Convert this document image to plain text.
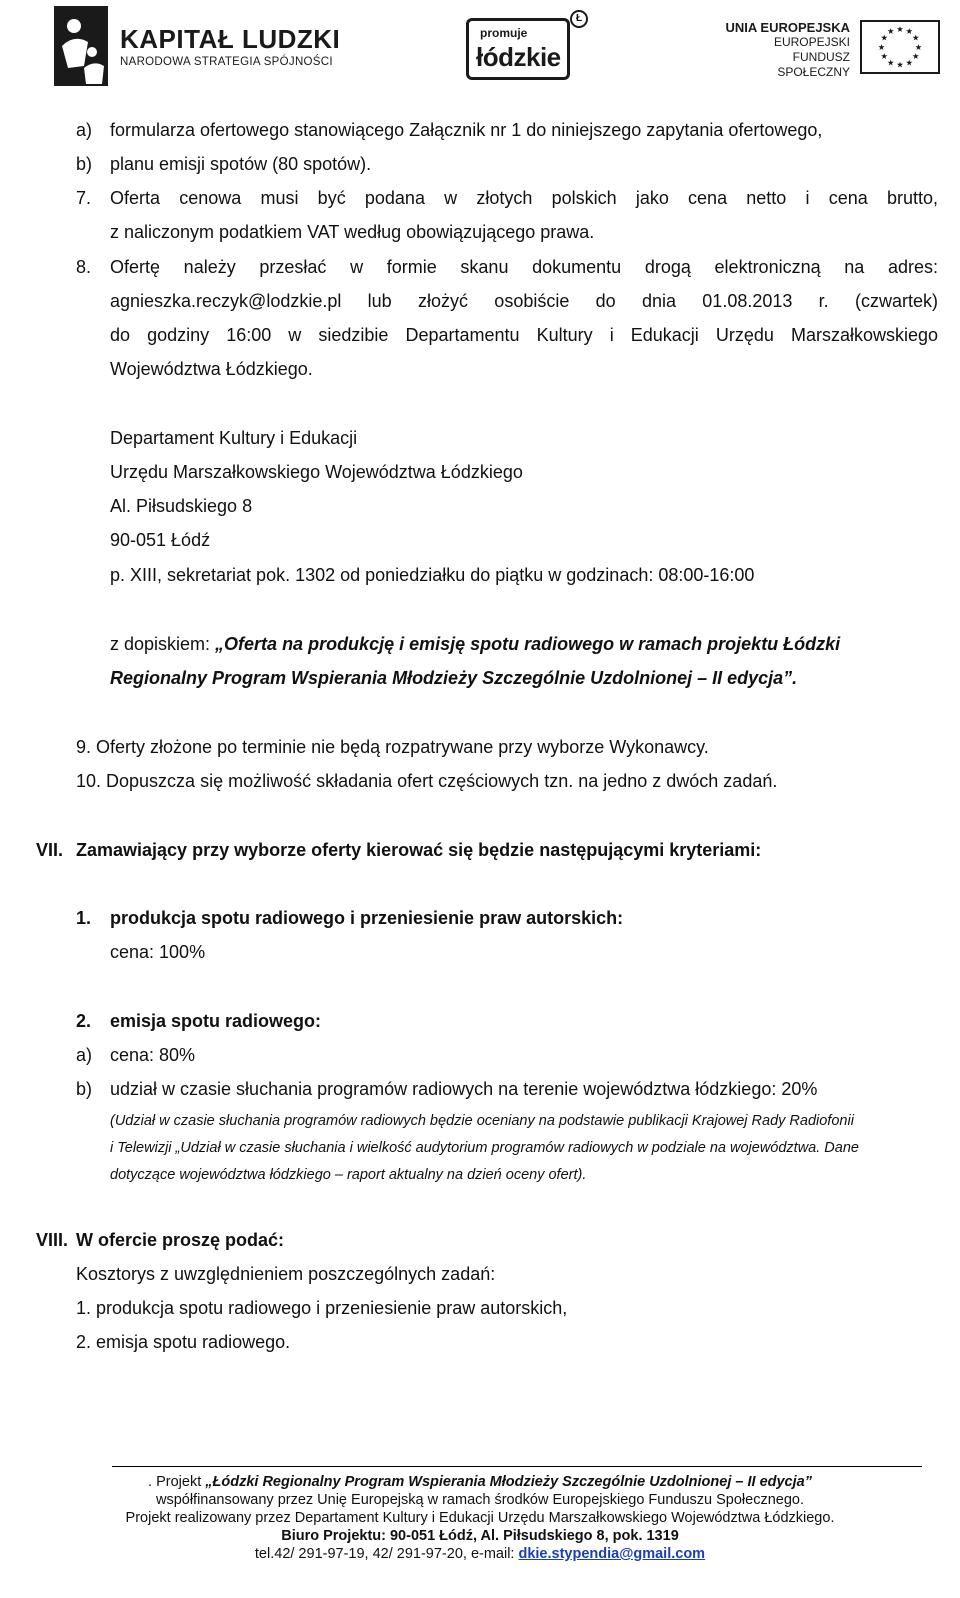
KAPITAŁ LUDZKI
NARODOWA STRATEGIA SPÓJNOŚCI
promuje
łódzkie
Ł
UNIA EUROPEJSKA
EUROPEJSKI
FUNDUSZ SPOŁECZNY
★ ★
★
★
★
★
★
★
★
★
★
★
a) formularza ofertowego stanowiącego Załącznik nr 1 do niniejszego zapytania ofertowego,
b) planu emisji spotów (80 spotów).
7. Oferta cenowa musi być podana w złotych polskich jako cena netto i cena brutto,
z naliczonym podatkiem VAT według obowiązującego prawa.
8. Ofertę należy przesłać w formie skanu dokumentu drogą elektroniczną na adres:
agnieszka.reczyk@lodzkie.pl lub złożyć osobiście do dnia 01.08.2013 r. (czwartek)
do godziny 16:00 w siedzibie Departamentu Kultury i Edukacji Urzędu Marszałkowskiego
Województwa Łódzkiego.
Departament Kultury i Edukacji
Urzędu Marszałkowskiego Województwa Łódzkiego
Al. Piłsudskiego 8
90-051 Łódź
p. XIII, sekretariat pok. 1302 od poniedziałku do piątku w godzinach: 08:00-16:00
z dopiskiem: „Oferta na produkcję i emisję spotu radiowego w ramach projektu Łódzki
Regionalny Program Wspierania Młodzieży Szczególnie Uzdolnionej – II edycja”.
9. Oferty złożone po terminie nie będą rozpatrywane przy wyborze Wykonawcy.
10. Dopuszcza się możliwość składania ofert częściowych tzn. na jedno z dwóch zadań.
VII. Zamawiający przy wyborze oferty kierować się będzie następującymi kryteriami:
1. produkcja spotu radiowego i przeniesienie praw autorskich:
cena: 100%
2. emisja spotu radiowego:
a) cena: 80%
b) udział w czasie słuchania programów radiowych na terenie województwa łódzkiego: 20%
(Udział w czasie słuchania programów radiowych będzie oceniany na podstawie publikacji Krajowej Rady Radiofonii
i Telewizji „Udział w czasie słuchania i wielkość audytorium programów radiowych w podziale na województwa. Dane
dotyczące województwa łódzkiego – raport aktualny na dzień oceny ofert).
VIII. W ofercie proszę podać:
Kosztorys z uwzględnieniem poszczególnych zadań:
1. produkcja spotu radiowego i przeniesienie praw autorskich,
2. emisja spotu radiowego.
. Projekt „Łódzki Regionalny Program Wspierania Młodzieży Szczególnie Uzdolnionej – II edycja”
współfinansowany przez Unię Europejską w ramach środków Europejskiego Funduszu Społecznego.
Projekt realizowany przez Departament Kultury i Edukacji Urzędu Marszałkowskiego Województwa Łódzkiego.
Biuro Projektu: 90-051 Łódź, Al. Piłsudskiego 8, pok. 1319
tel.42/ 291-97-19, 42/ 291-97-20, e-mail: dkie.stypendia@gmail.com
